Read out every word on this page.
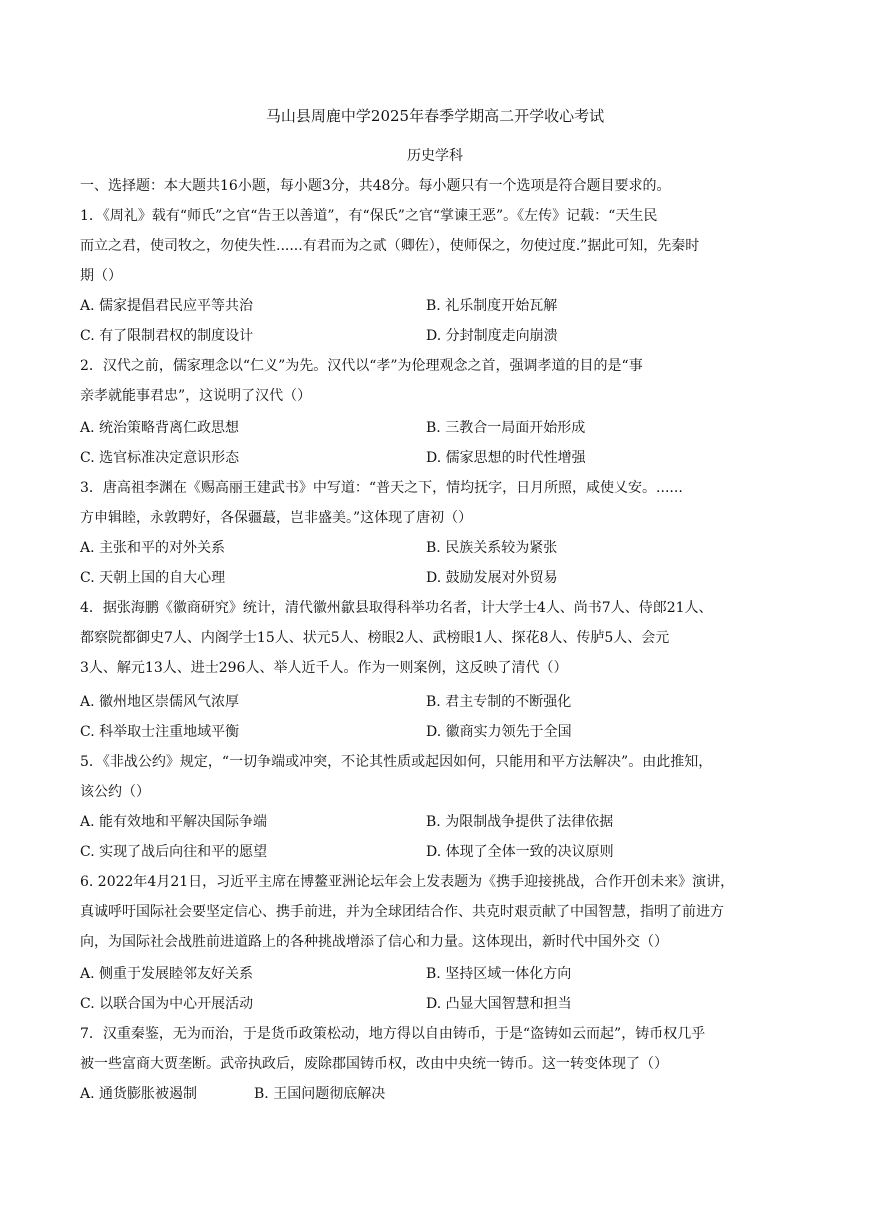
马山县周鹿中学2025年春季学期高二开学收心考试
历史学科
一、选择题：本大题共16小题，每小题3分，共48分。每小题只有一个选项是符合题目要求的。
1．《周礼》载有“师氏”之官“告王以善道”，有“保氏”之官“掌谏王恶”。《左传》记载：“天生民
而立之君，使司牧之，勿使失性......有君而为之贰（卿佐），使师保之，勿使过度.”据此可知，先秦时
期（）
A. 儒家提倡君民应平等共治	B. 礼乐制度开始瓦解
C. 有了限制君权的制度设计	D. 分封制度走向崩溃
2．汉代之前，儒家理念以“仁义”为先。汉代以“孝”为伦理观念之首，强调孝道的目的是“事
亲孝就能事君忠”，这说明了汉代（）
A. 统治策略背离仁政思想	B. 三教合一局面开始形成
C. 选官标准决定意识形态	D. 儒家思想的时代性增强
3．唐高祖李渊在《赐高丽王建武书》中写道：“普天之下，情均抚字，日月所照，咸使乂安。......
方申辑睦，永敦聘好，各保疆蕞，岂非盛美。”这体现了唐初（）
A. 主张和平的对外关系	B. 民族关系较为紧张
C. 天朝上国的自大心理	D. 鼓励发展对外贸易
4．据张海鹏《徽商研究》统计，清代徽州歙县取得科举功名者，计大学士4人、尚书7人、侍郎21人、
都察院都御史7人、内阁学士15人、状元5人、榜眼2人、武榜眼1人、探花8人、传胪5人、会元
3人、解元13人、进士296人、举人近千人。作为一则案例，这反映了清代（）
A. 徽州地区崇儒风气浓厚	B. 君主专制的不断强化
C. 科举取士注重地域平衡	D. 徽商实力领先于全国
5．《非战公约》规定，“一切争端或冲突，不论其性质或起因如何，只能用和平方法解决”。由此推知，
该公约（）
A. 能有效地和平解决国际争端	B. 为限制战争提供了法律依据
C. 实现了战后向往和平的愿望	D. 体现了全体一致的决议原则
6. 2022年4月21日，习近平主席在博鳌亚洲论坛年会上发表题为《携手迎接挑战，合作开创未来》演讲，
真诚呼吁国际社会要坚定信心、携手前进，并为全球团结合作、共克时艰贡献了中国智慧，指明了前进方
向，为国际社会战胜前进道路上的各种挑战增添了信心和力量。这体现出，新时代中国外交（）
A. 侧重于发展睦邻友好关系	B. 坚持区域一体化方向
C. 以联合国为中心开展活动	D. 凸显大国智慧和担当
7．汉重秦鉴，无为而治，于是货币政策松动，地方得以自由铸币，于是“盗铸如云而起”，铸币权几乎
被一些富商大贾垄断。武帝执政后，废除郡国铸币权，改由中央统一铸币。这一转变体现了（）
A. 通货膨胀被遏制	B. 王国问题彻底解决
